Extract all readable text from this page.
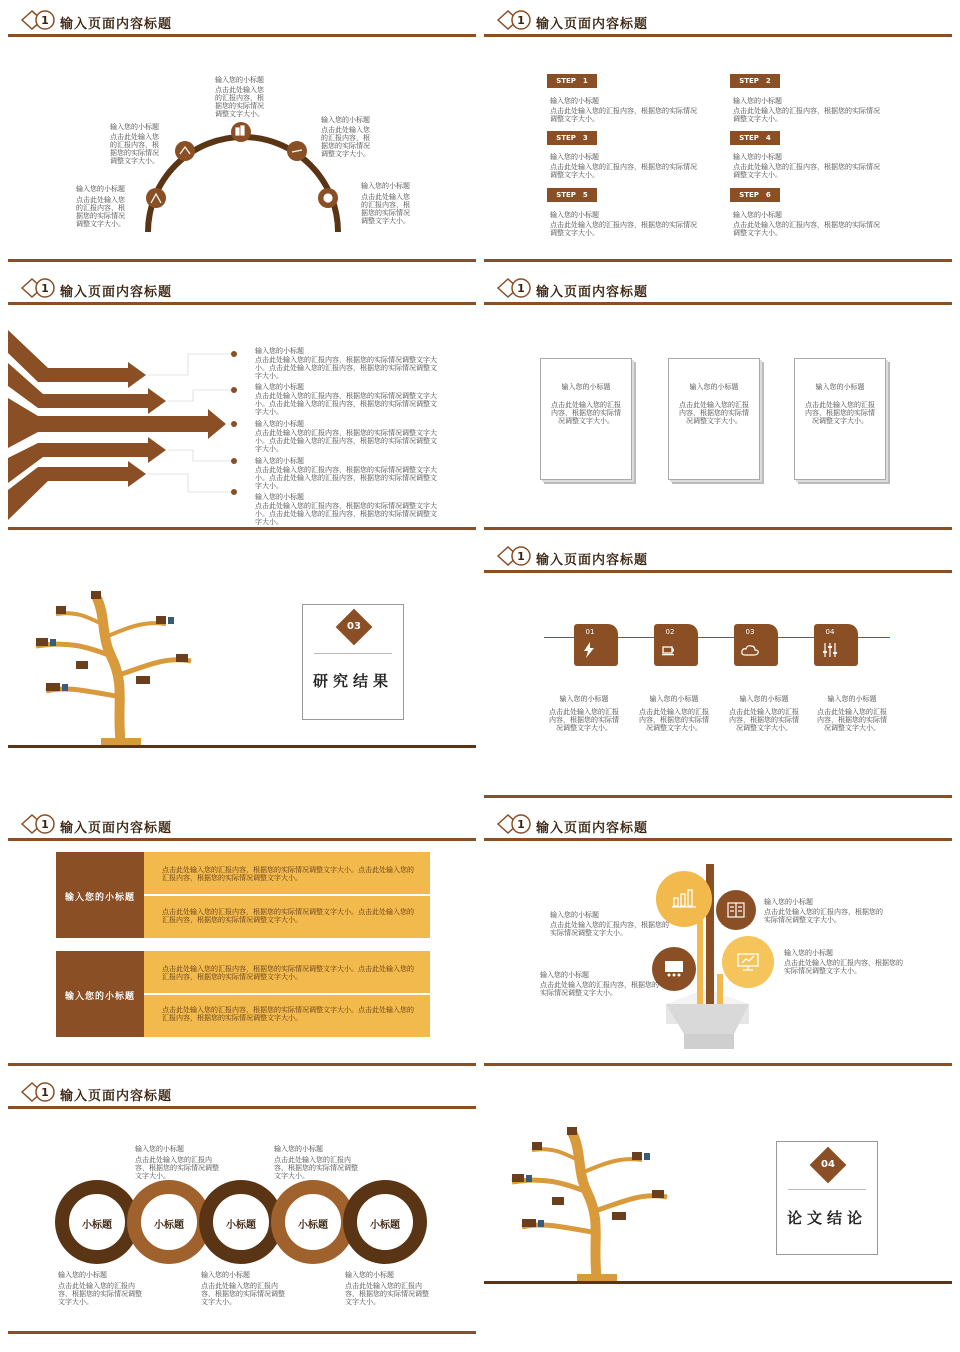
1 输入页面内容标题
输入您的小标题
点击此处输入您的汇报内容，根据您的实际情况调整文字大小。
输入您的小标题
点击此处输入您的汇报内容，根据您的实际情况调整文字大小。
输入您的小标题
点击此处输入您的汇报内容，根据您的实际情况调整文字大小。
输入您的小标题
点击此处输入您的汇报内容，根据您的实际情况调整文字大小。
输入您的小标题
点击此处输入您的汇报内容，根据您的实际情况调整文字大小。
1 输入页面内容标题
STEP　1
输入您的小标题
点击此处输入您的汇报内容，根据您的实际情况调整文字大小。
STEP　2
输入您的小标题
点击此处输入您的汇报内容，根据您的实际情况调整文字大小。
STEP　3
输入您的小标题
点击此处输入您的汇报内容，根据您的实际情况调整文字大小。
STEP　4
输入您的小标题
点击此处输入您的汇报内容，根据您的实际情况调整文字大小。
STEP　5
输入您的小标题
点击此处输入您的汇报内容，根据您的实际情况调整文字大小。
STEP　6
输入您的小标题
点击此处输入您的汇报内容，根据您的实际情况调整文字大小。
1 输入页面内容标题
输入您的小标题
点击此处输入您的汇报内容，根据您的实际情况调整文字大小。点击此处输入您的汇报内容，根据您的实际情况调整文字大小。
输入您的小标题
点击此处输入您的汇报内容，根据您的实际情况调整文字大小。点击此处输入您的汇报内容，根据您的实际情况调整文字大小。
输入您的小标题
点击此处输入您的汇报内容，根据您的实际情况调整文字大小。点击此处输入您的汇报内容，根据您的实际情况调整文字大小。
输入您的小标题
点击此处输入您的汇报内容，根据您的实际情况调整文字大小。点击此处输入您的汇报内容，根据您的实际情况调整文字大小。
输入您的小标题
点击此处输入您的汇报内容，根据您的实际情况调整文字大小。点击此处输入您的汇报内容，根据您的实际情况调整文字大小。
1 输入页面内容标题
输入您的小标题
点击此处输入您的汇报内容，根据您的实际情况调整文字大小。
输入您的小标题
点击此处输入您的汇报内容，根据您的实际情况调整文字大小。
输入您的小标题
点击此处输入您的汇报内容，根据您的实际情况调整文字大小。
03
研究结果
1 输入页面内容标题
01	02	03	04
输入您的小标题
点击此处输入您的汇报内容，根据您的实际情况调整文字大小。
输入您的小标题
点击此处输入您的汇报内容，根据您的实际情况调整文字大小。
输入您的小标题
点击此处输入您的汇报内容，根据您的实际情况调整文字大小。
输入您的小标题
点击此处输入您的汇报内容，根据您的实际情况调整文字大小。
1 输入页面内容标题
输入您的小标题
点击此处输入您的汇报内容，根据您的实际情况调整文字大小。点击此处输入您的汇报内容，根据您的实际情况调整文字大小。
点击此处输入您的汇报内容，根据您的实际情况调整文字大小。点击此处输入您的汇报内容，根据您的实际情况调整文字大小。
输入您的小标题
点击此处输入您的汇报内容，根据您的实际情况调整文字大小。点击此处输入您的汇报内容，根据您的实际情况调整文字大小。
点击此处输入您的汇报内容，根据您的实际情况调整文字大小。点击此处输入您的汇报内容，根据您的实际情况调整文字大小。
1 输入页面内容标题
输入您的小标题
点击此处输入您的汇报内容，根据您的实际情况调整文字大小。
输入您的小标题
点击此处输入您的汇报内容，根据您的实际情况调整文字大小。
输入您的小标题
点击此处输入您的汇报内容，根据您的实际情况调整文字大小。
输入您的小标题
点击此处输入您的汇报内容，根据您的实际情况调整文字大小。
1 输入页面内容标题
小标题	小标题	小标题	小标题	小标题
输入您的小标题
点击此处输入您的汇报内容，根据您的实际情况调整文字大小。
输入您的小标题
点击此处输入您的汇报内容，根据您的实际情况调整文字大小。
输入您的小标题
点击此处输入您的汇报内容，根据您的实际情况调整文字大小。
输入您的小标题
点击此处输入您的汇报内容，根据您的实际情况调整文字大小。
输入您的小标题
点击此处输入您的汇报内容，根据您的实际情况调整文字大小。
04
论文结论
